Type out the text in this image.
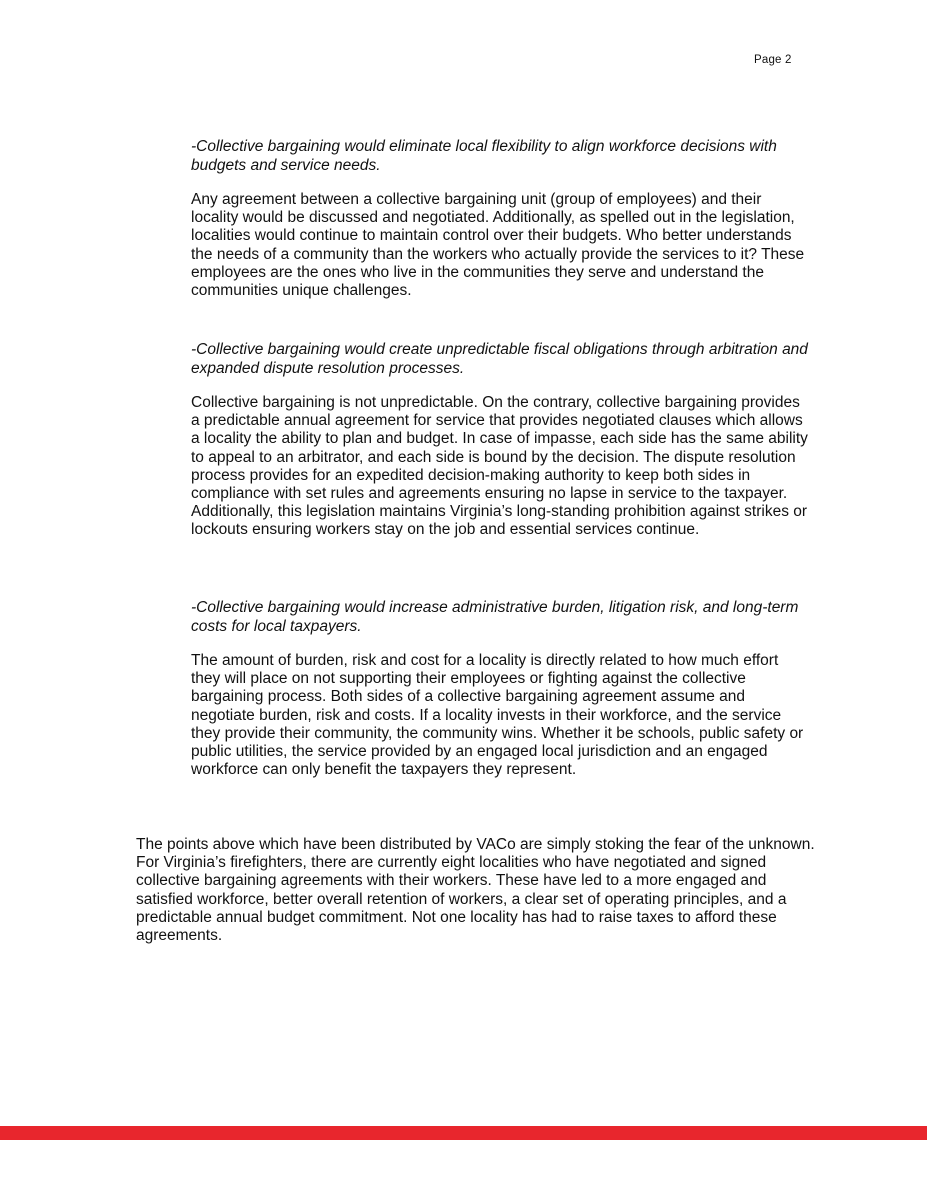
Page 2

-Collective bargaining would eliminate local flexibility to align workforce decisions with budgets and service needs.

Any agreement between a collective bargaining unit (group of employees) and their locality would be discussed and negotiated. Additionally, as spelled out in the legislation, localities would continue to maintain control over their budgets. Who better understands the needs of a community than the workers who actually provide the services to it? These employees are the ones who live in the communities they serve and understand the communities unique challenges.

-Collective bargaining would create unpredictable fiscal obligations through arbitration and expanded dispute resolution processes.

Collective bargaining is not unpredictable. On the contrary, collective bargaining provides a predictable annual agreement for service that provides negotiated clauses which allows a locality the ability to plan and budget. In case of impasse, each side has the same ability to appeal to an arbitrator, and each side is bound by the decision. The dispute resolution process provides for an expedited decision-making authority to keep both sides in compliance with set rules and agreements ensuring no lapse in service to the taxpayer. Additionally, this legislation maintains Virginia’s long-standing prohibition against strikes or lockouts ensuring workers stay on the job and essential services continue.

-Collective bargaining would increase administrative burden, litigation risk, and long-term costs for local taxpayers.

The amount of burden, risk and cost for a locality is directly related to how much effort they will place on not supporting their employees or fighting against the collective bargaining process. Both sides of a collective bargaining agreement assume and negotiate burden, risk and costs. If a locality invests in their workforce, and the service they provide their community, the community wins. Whether it be schools, public safety or public utilities, the service provided by an engaged local jurisdiction and an engaged workforce can only benefit the taxpayers they represent.

The points above which have been distributed by VACo are simply stoking the fear of the unknown. For Virginia’s firefighters, there are currently eight localities who have negotiated and signed collective bargaining agreements with their workers. These have led to a more engaged and satisfied workforce, better overall retention of workers, a clear set of operating principles, and a predictable annual budget commitment. Not one locality has had to raise taxes to afford these agreements.
